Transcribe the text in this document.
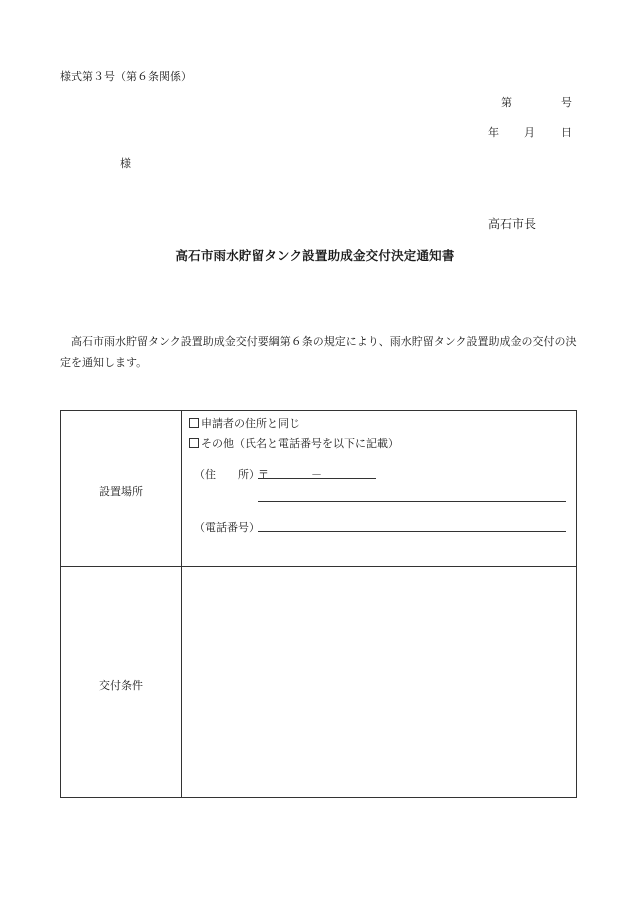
様式第３号（第６条関係）
第	号
年 月 日
様
高石市長
高石市雨水貯留タンク設置助成金交付決定通知書
高石市雨水貯留タンク設置助成金交付要綱第６条の規定により、雨水貯留タンク設置助成金の交付の決定を通知します。
設置場所
申請者の住所と同じ
その他（氏名と電話番号を以下に記載）
（住　　所）
〒	－
（電話番号）
交付条件
